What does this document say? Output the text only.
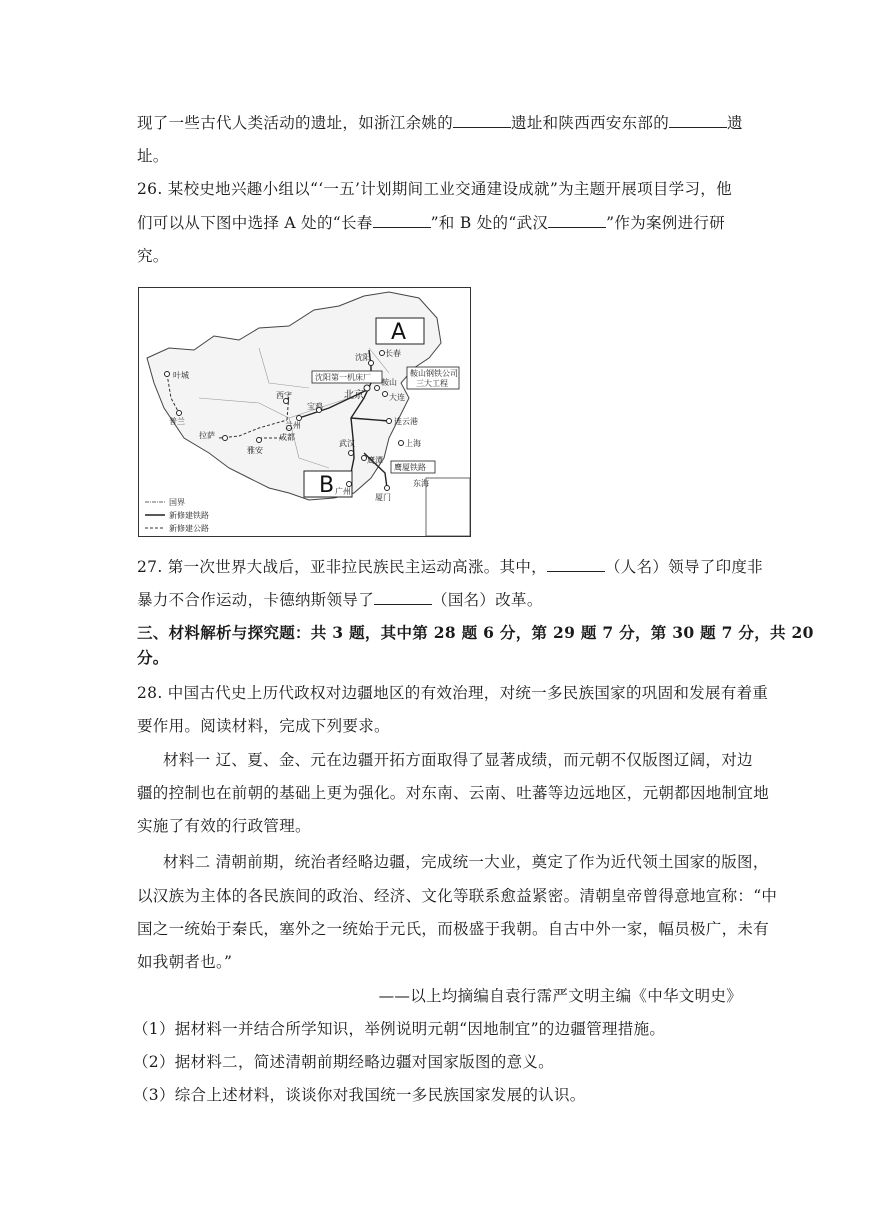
现了一些古代人类活动的遗址，如浙江余姚的	遗址和陕西西安东部的	遗
址。
26. 某校史地兴趣小组以“‘一五’计划期间工业交通建设成就”为主题开展项目学习，他
们可以从下图中选择 A 处的“长春	”和 B 处的“武汉	”作为案例进行研
究。
A
B
沈阳第一机床厂	鞍山钢铁公司
三大工程
鹰厦铁路
叶城
普兰
西宁
兰州
宝鸡
拉萨
雅安
成都
北京
沈阳 长春
鞍山
大连
连云港
上海
武汉
鹰潭
广州
厦门
东海
国界
新修建铁路
新修建公路
27. 第一次世界大战后，亚非拉民族民主运动高涨。其中，	（人名）领导了印度非
暴力不合作运动，卡德纳斯领导了	（国名）改革。
三、材料解析与探究题：共 3 题，其中第 28 题 6 分，第 29 题 7 分，第 30 题 7 分，共 20
分。
28. 中国古代史上历代政权对边疆地区的有效治理，对统一多民族国家的巩固和发展有着重
要作用。阅读材料，完成下列要求。
材料一 辽、夏、金、元在边疆开拓方面取得了显著成绩，而元朝不仅版图辽阔，对边
疆的控制也在前朝的基础上更为强化。对东南、云南、吐蕃等边远地区，元朝都因地制宜地
实施了有效的行政管理。
材料二 清朝前期，统治者经略边疆，完成统一大业，奠定了作为近代领土国家的版图，
以汉族为主体的各民族间的政治、经济、文化等联系愈益紧密。清朝皇帝曾得意地宣称：“中
国之一统始于秦氏，塞外之一统始于元氏，而极盛于我朝。自古中外一家，幅员极广，未有
如我朝者也。”
——以上均摘编自袁行霈严文明主编《中华文明史》
（1）据材料一并结合所学知识，举例说明元朝“因地制宜”的边疆管理措施。
（2）据材料二，简述清朝前期经略边疆对国家版图的意义。
（3）综合上述材料，谈谈你对我国统一多民族国家发展的认识。
